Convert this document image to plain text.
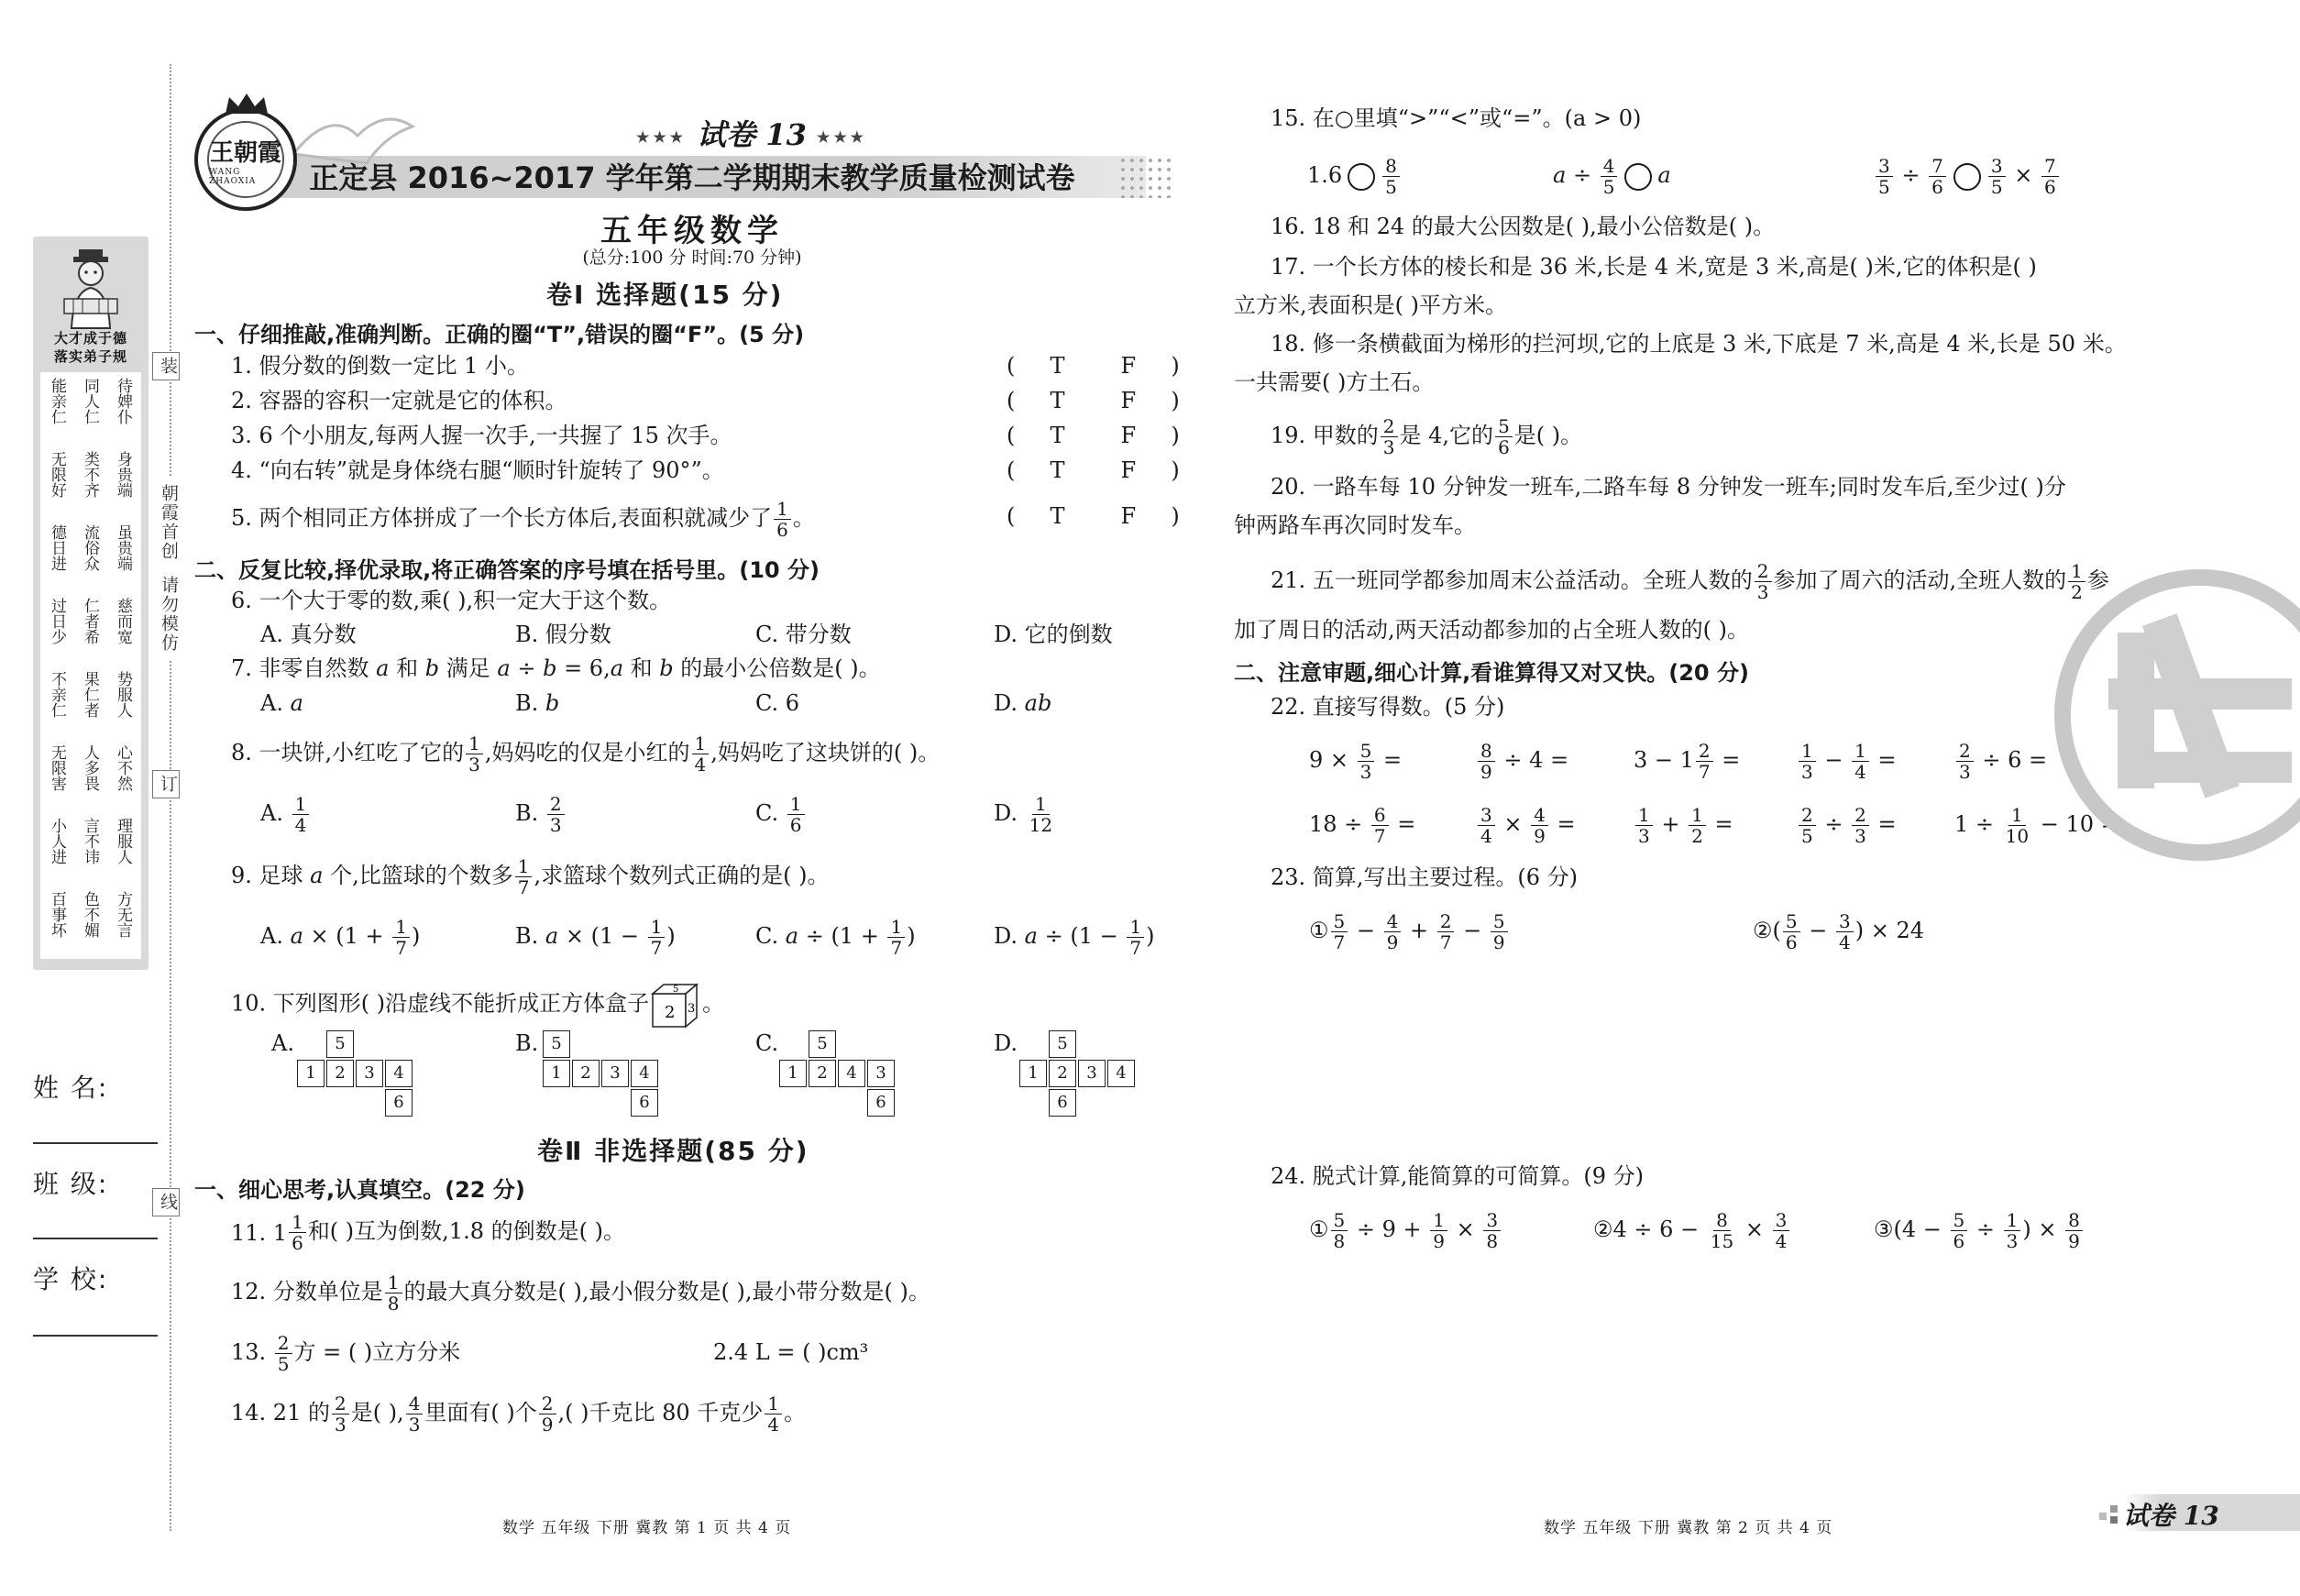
装
朝霞首创
请勿模仿
订
线
大才成于德
落实弟子规
能亲仁 同人仁 待婢仆
无限好 类不齐 身贵端
德日进 流俗众 虽贵端
过日少 仁者希 慈而宽
不亲仁 果仁者 势服人
无限害 人多畏 心不然
小人进 言不讳 理服人
百事坏 色不媚 方无言
姓 名:
班 级:
学 校:
王朝霞
WANG ZHAOXIA
★★★ 试卷 13 ★★★
正定县 2016~2017 学年第二学期期末教学质量检测试卷
五年级数学
(总分:100 分 时间:70 分钟)
卷Ⅰ 选择题(15 分)
一、仔细推敲,准确判断。正确的圈“T”,错误的圈“F”。(5 分)
1. 假分数的倒数一定比 1 小。	(     T        F     )
2. 容器的容积一定就是它的体积。	(     T        F     )
3. 6 个小朋友,每两人握一次手,一共握了 15 次手。	(     T        F     )
4. “向右转”就是身体绕右腿“顺时针旋转了 90°”。	(     T        F     )
5. 两个相同正方体拼成了一个长方体后,表面积就减少了 $\frac{1}{6}$ 。	(     T        F     )
二、反复比较,择优录取,将正确答案的序号填在括号里。(10 分)
6. 一个大于零的数,乘( ),积一定大于这个数。
A. 真分数	B. 假分数	C. 带分数	D. 它的倒数
7. 非零自然数 a 和 b 满足 a ÷ b = 6,a 和 b 的最小公倍数是( )。
A. a	B. b	C. 6	D. ab
8. 一块饼,小红吃了它的 $\frac{1}{3}$ ,妈妈吃的仅是小红的 $\frac{1}{4}$ ,妈妈吃了这块饼的( )。
A. $\frac{1}{4}$	B. $\frac{2}{3}$	C. $\frac{1}{6}$	D. $\frac{1}{12}$
9. 足球 a 个,比篮球的个数多 $\frac{1}{7}$ ,求篮球个数列式正确的是( )。
A. $a \times (1 + \frac{1}{7}$ )	B. $a \times (1 - \frac{1}{7}$ )	C. $a \div (1 + \frac{1}{7}$ )	D. $a \div (1 - \frac{1}{7}$ )
10. 下列图形( )沿虚线不能折成正方体盒子 2 3
5
。
A.	5
1	2	3	4
6
B. 5
1	2	3	4
6
C.	5
1	2	4	3
6
D.	5
1	2	3	4
6
卷Ⅱ 非选择题(85 分)
一、细心思考,认真填空。(22 分)
11. $1 \frac{1}{6}$ 和( )互为倒数,1.8 的倒数是( )。
12. 分数单位是 $\frac{1}{8}$ 的最大真分数是( ),最小假分数是( ),最小带分数是( )。
13. $\frac{2}{5}$ 方 = ( )立方分米	2.4 L = ( )cm³
14. 21 的 $\frac{2}{3}$ 是( ), $\frac{4}{3}$ 里面有( )个 $\frac{2}{9}$ ,( )千克比 80 千克少 $\frac{1}{4}$ 。
15. 在○里填“>”“<”或“=”。(a > 0)
$1.6 \frac{8}{5}$	$a \div \frac{4}{5}$ a	$\frac{3}{5} \div \frac{7}{6} \frac{3}{5} \times \frac{7}{6}$
16. 18 和 24 的最大公因数是( ),最小公倍数是( )。
17. 一个长方体的棱长和是 36 米,长是 4 米,宽是 3 米,高是( )米,它的体积是( )
立方米,表面积是( )平方米。
18. 修一条横截面为梯形的拦河坝,它的上底是 3 米,下底是 7 米,高是 4 米,长是 50 米。
一共需要( )方土石。
19. 甲数的 $\frac{2}{3}$ 是 4,它的 $\frac{5}{6}$ 是( )。
20. 一路车每 10 分钟发一班车,二路车每 8 分钟发一班车;同时发车后,至少过( )分
钟两路车再次同时发车。
21. 五一班同学都参加周末公益活动。全班人数的 $\frac{2}{3}$ 参加了周六的活动,全班人数的 $\frac{1}{2}$ 参
加了周日的活动,两天活动都参加的占全班人数的( )。
二、注意审题,细心计算,看谁算得又对又快。(20 分)
22. 直接写得数。(5 分)
$9 \times \frac{5}{3}$ =	$\frac{8}{9} \div 4$ =	$3 - 1 \frac{2}{7}$ =	$\frac{1}{3} - \frac{1}{4}$ =	$\frac{2}{3} \div 6$ =
$18 \div \frac{6}{7}$ =	$\frac{3}{4} \times \frac{4}{9}$ =	$\frac{1}{3} + \frac{1}{2}$ =	$\frac{2}{5} \div \frac{2}{3}$ =	$1 \div \frac{1}{10} - 10$ =
23. 简算,写出主要过程。(6 分)
① $\frac{5}{7} - \frac{4}{9} + \frac{2}{7} - \frac{5}{9}$	②( $\frac{5}{6} - \frac{3}{4}$ ) × 24
24. 脱式计算,能简算的可简算。(9 分)
① $\frac{5}{8} \div 9 + \frac{1}{9} \times \frac{3}{8}$	②4 ÷ $6 - \frac{8}{15} \times \frac{3}{4}$	③(4 − $\frac{5}{6} \div \frac{1}{3}$ ) × $\frac{8}{9}$
数学 五年级 下册 冀教 第 1 页 共 4 页	数学 五年级 下册 冀教 第 2 页 共 4 页	试卷 13
